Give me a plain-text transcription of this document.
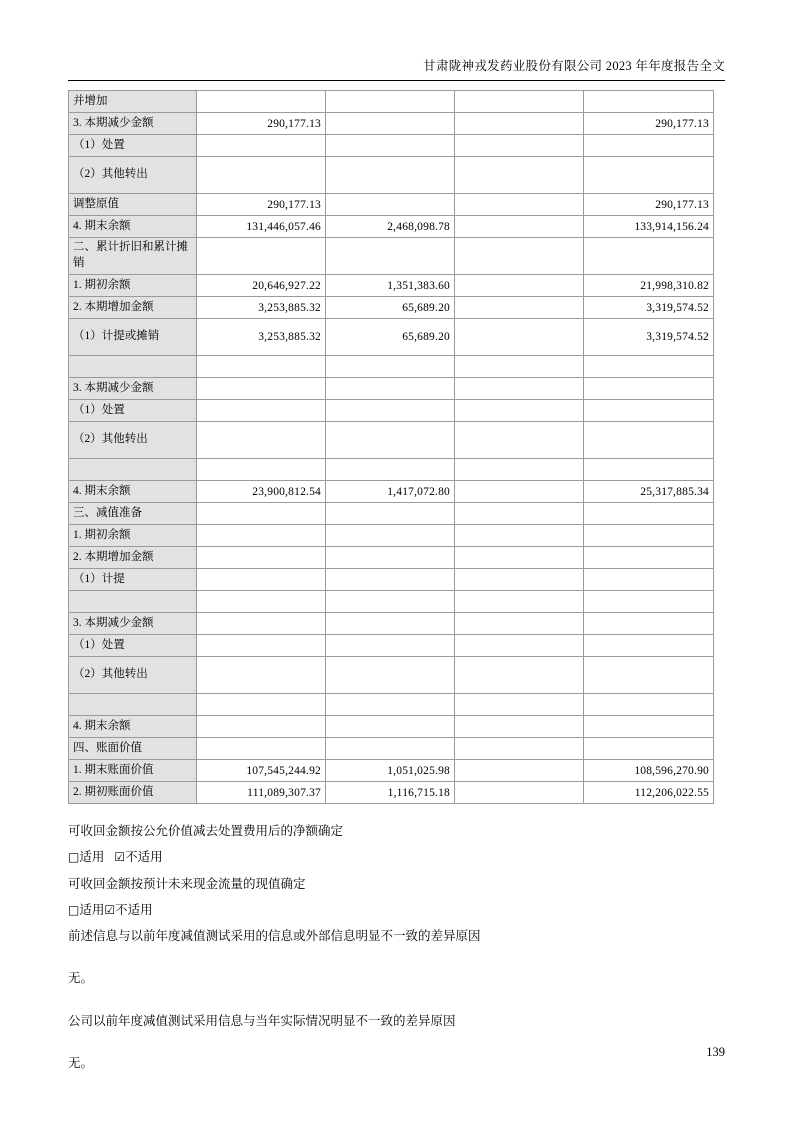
甘肃陇神戎发药业股份有限公司 2023 年年度报告全文
并增加				
3. 本期减少金额	290,177.13			290,177.13
（1）处置				
（2）其他转出				
调整原值	290,177.13			290,177.13
4. 期末余额	131,446,057.46	2,468,098.78		133,914,156.24
二、累计折旧和累计摊销				
1. 期初余额	20,646,927.22	1,351,383.60		21,998,310.82
2. 本期增加金额	3,253,885.32	65,689.20		3,319,574.52
（1）计提或摊销	3,253,885.32	65,689.20		3,319,574.52

3. 本期减少金额				
（1）处置				
（2）其他转出				

4. 期末余额	23,900,812.54	1,417,072.80		25,317,885.34
三、减值准备				
1. 期初余额				
2. 本期增加金额				
（1）计提				

3. 本期减少金额				
（1）处置				
（2）其他转出				

4. 期末余额				
四、账面价值				
1. 期末账面价值	107,545,244.92	1,051,025.98		108,596,270.90
2. 期初账面价值	111,089,307.37	1,116,715.18		112,206,022.55

可收回金额按公允价值减去处置费用后的净额确定

□适用 ☑不适用

可收回金额按预计未来现金流量的现值确定

□适用☑不适用

前述信息与以前年度减值测试采用的信息或外部信息明显不一致的差异原因

无。

公司以前年度减值测试采用信息与当年实际情况明显不一致的差异原因

无。

139
